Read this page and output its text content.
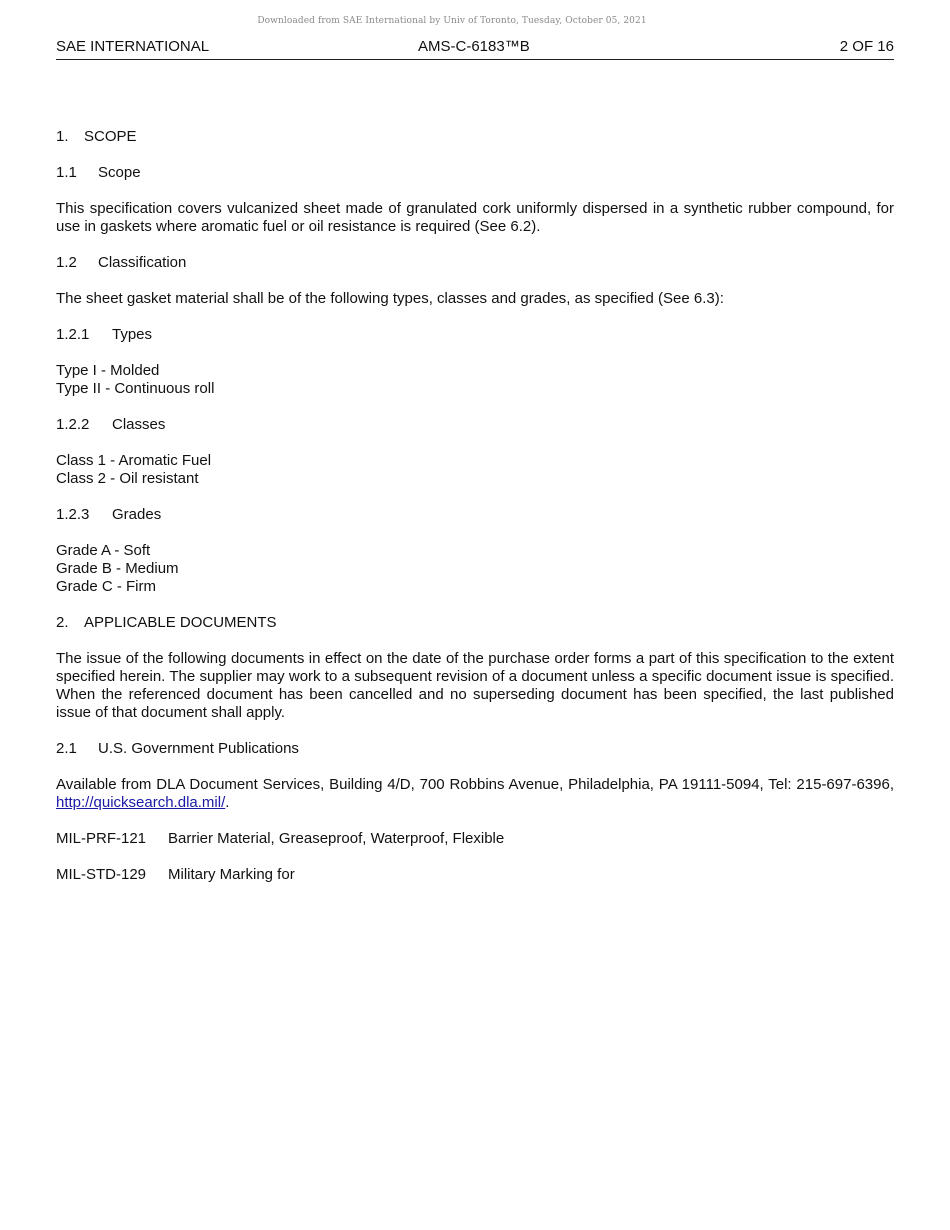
Downloaded from SAE International by Univ of Toronto, Tuesday, October 05, 2021
SAE INTERNATIONAL	AMS-C-6183™B	2 OF 16

1. SCOPE

1.1 Scope

This specification covers vulcanized sheet made of granulated cork uniformly dispersed in a synthetic rubber compound, for use in gaskets where aromatic fuel or oil resistance is required (See 6.2).

1.2 Classification

The sheet gasket material shall be of the following types, classes and grades, as specified (See 6.3):

1.2.1 Types

Type I - Molded
Type II - Continuous roll

1.2.2 Classes

Class 1 - Aromatic Fuel
Class 2 - Oil resistant

1.2.3 Grades

Grade A - Soft
Grade B - Medium
Grade C - Firm

2. APPLICABLE DOCUMENTS

The issue of the following documents in effect on the date of the purchase order forms a part of this specification to the extent specified herein. The supplier may work to a subsequent revision of a document unless a specific document issue is specified. When the referenced document has been cancelled and no superseding document has been specified, the last published issue of that document shall apply.

2.1 U.S. Government Publications

Available from DLA Document Services, Building 4/D, 700 Robbins Avenue, Philadelphia, PA 19111-5094, Tel: 215-697-6396, http://quicksearch.dla.mil/.

MIL-PRF-121 Barrier Material, Greaseproof, Waterproof, Flexible

MIL-STD-129 Military Marking for
